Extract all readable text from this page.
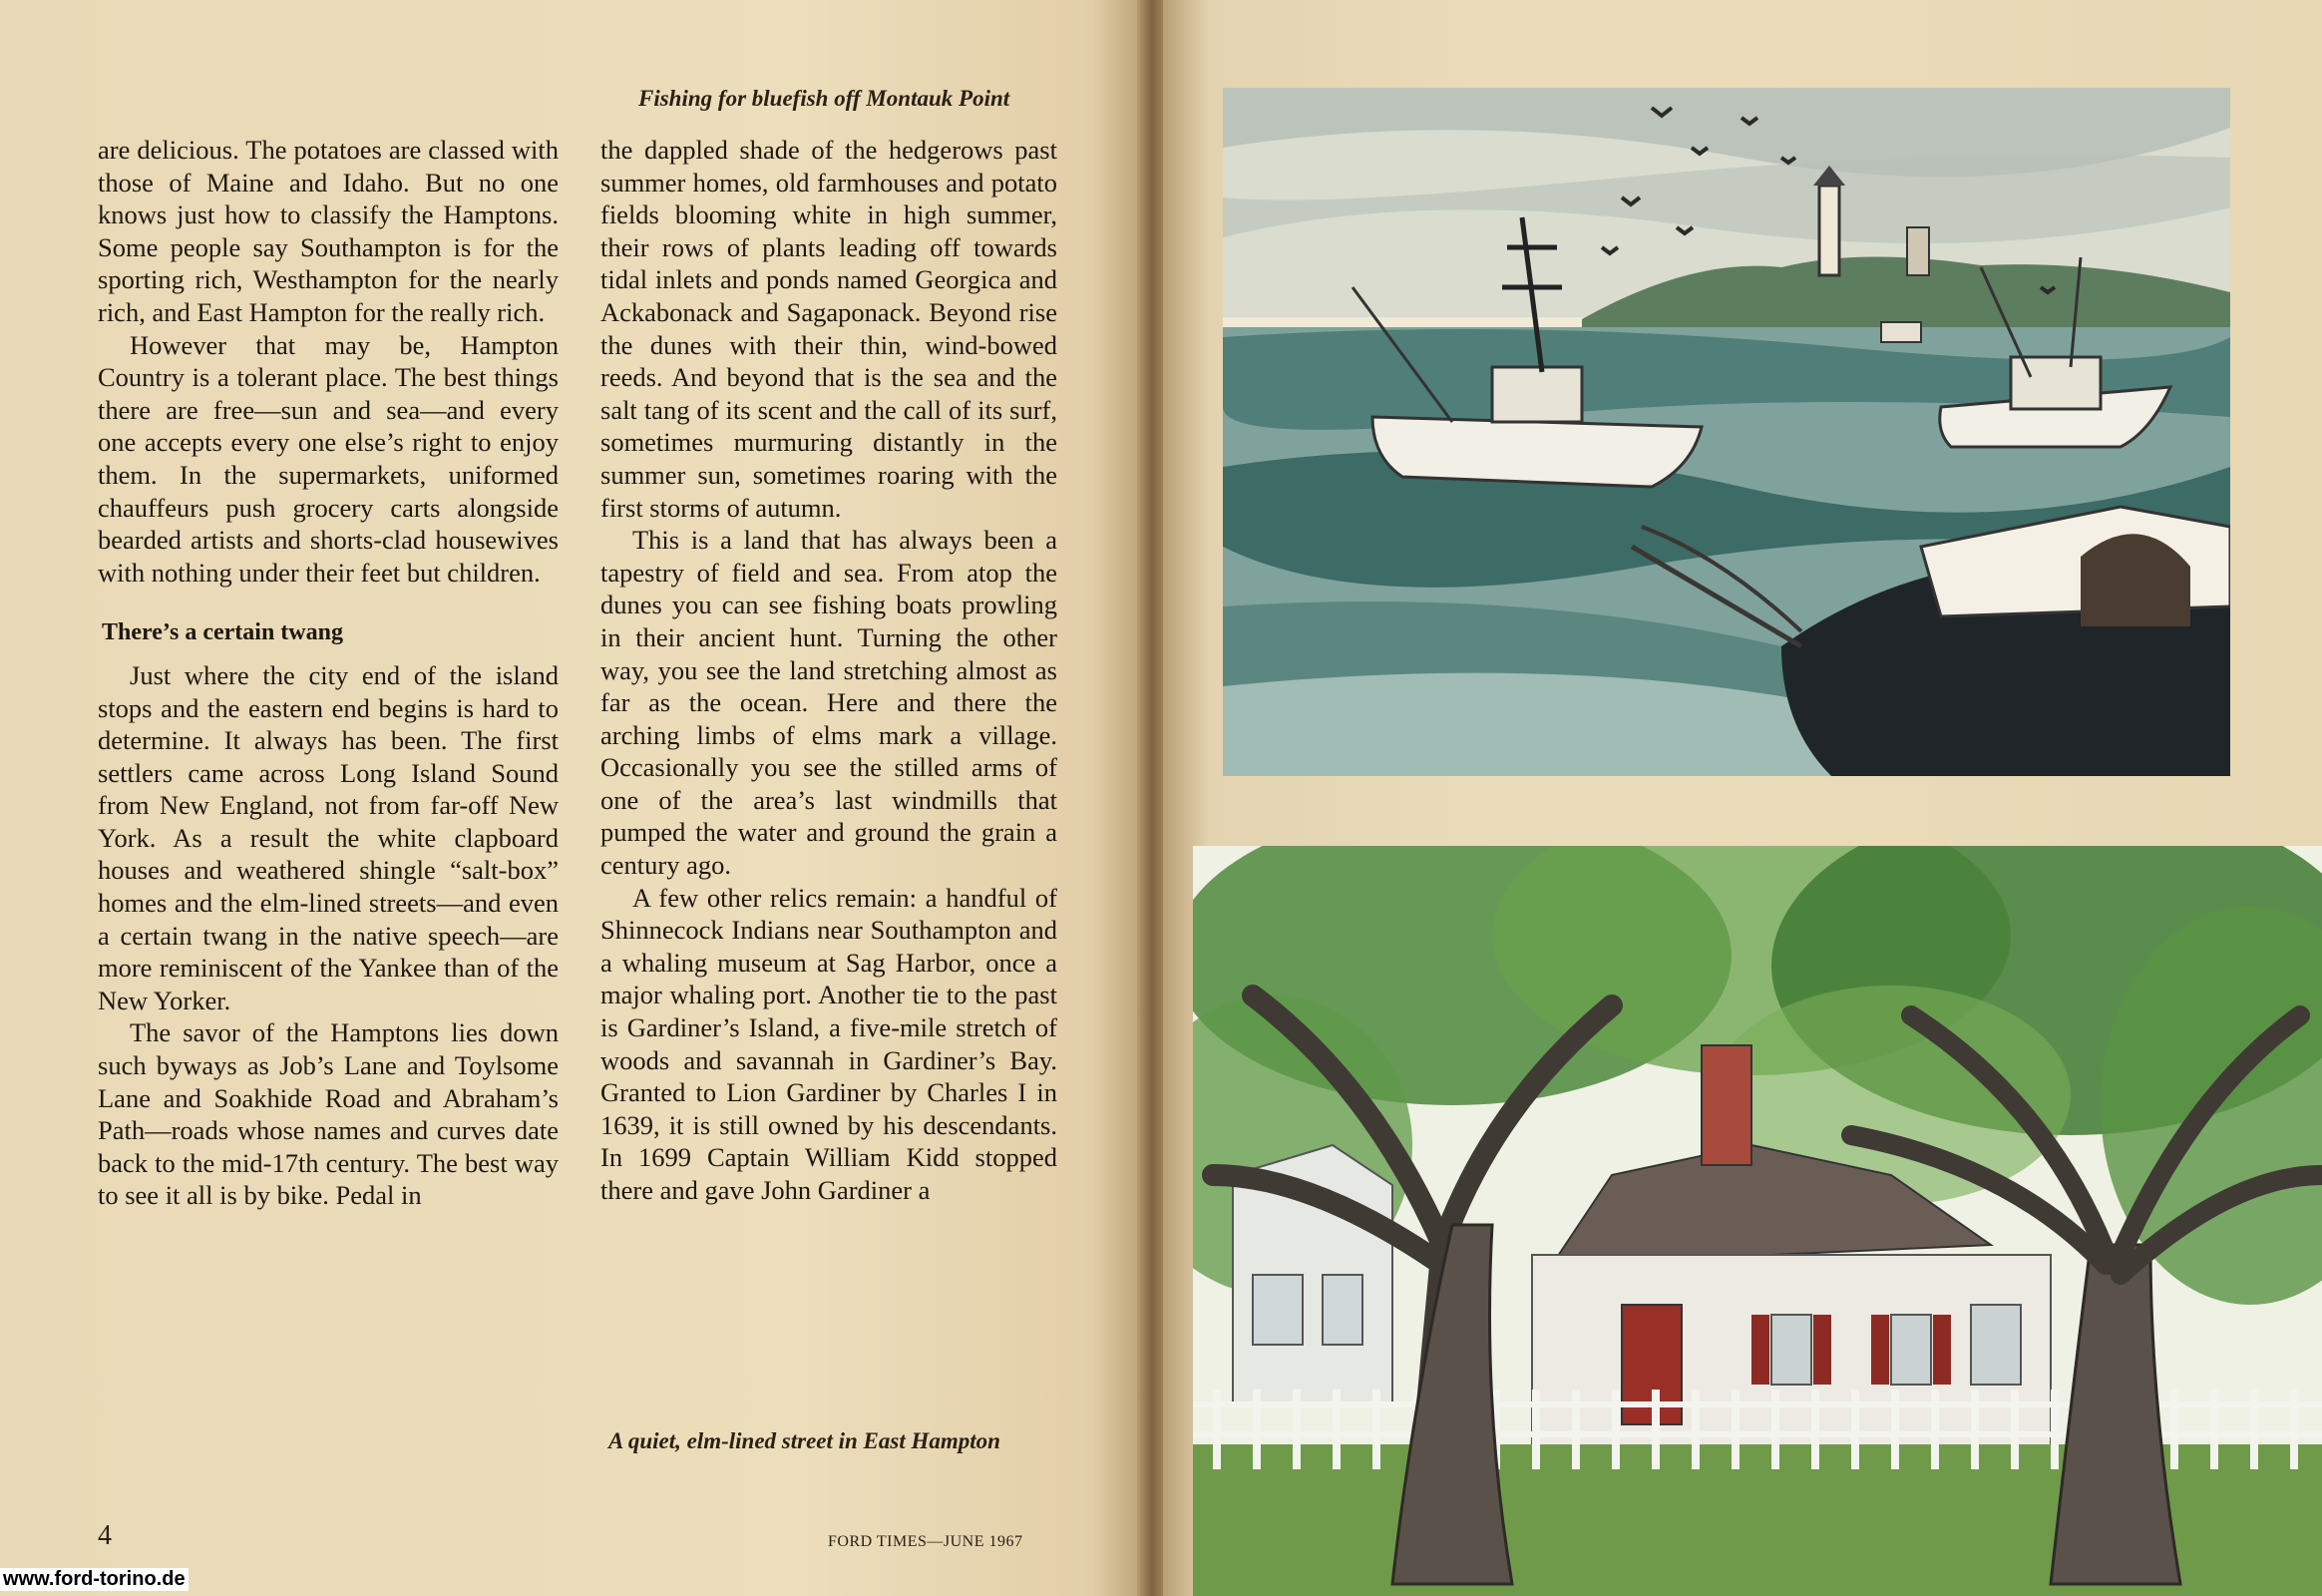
Fishing for bluefish off Montauk Point

are delicious. The potatoes are classed with those of Maine and Idaho. But no one knows just how to classify the Hamptons. Some people say Southampton is for the sporting rich, Westhampton for the nearly rich, and East Hampton for the really rich.

However that may be, Hampton Country is a tolerant place. The best things there are free—sun and sea—and every one accepts every one else’s right to enjoy them. In the supermarkets, uniformed chauffeurs push grocery carts alongside bearded artists and shorts-clad housewives with nothing under their feet but children.

There’s a certain twang

Just where the city end of the island stops and the eastern end begins is hard to determine. It always has been. The first settlers came across Long Island Sound from New England, not from far-off New York. As a result the white clapboard houses and weathered shingle “salt-box” homes and the elm-lined streets—and even a certain twang in the native speech—are more reminiscent of the Yankee than of the New Yorker.

The savor of the Hamptons lies down such byways as Job’s Lane and Toylsome Lane and Soakhide Road and Abraham’s Path—roads whose names and curves date back to the mid-17th century. The best way to see it all is by bike. Pedal in

the dappled shade of the hedgerows past summer homes, old farmhouses and potato fields blooming white in high summer, their rows of plants leading off towards tidal inlets and ponds named Georgica and Ackabonack and Sagaponack. Beyond rise the dunes with their thin, wind-bowed reeds. And beyond that is the sea and the salt tang of its scent and the call of its surf, sometimes murmuring distantly in the summer sun, sometimes roaring with the first storms of autumn.

This is a land that has always been a tapestry of field and sea. From atop the dunes you can see fishing boats prowling in their ancient hunt. Turning the other way, you see the land stretching almost as far as the ocean. Here and there the arching limbs of elms mark a village. Occasionally you see the stilled arms of one of the area’s last windmills that pumped the water and ground the grain a century ago.

A few other relics remain: a handful of Shinnecock Indians near Southampton and a whaling museum at Sag Harbor, once a major whaling port. Another tie to the past is Gardiner’s Island, a five-mile stretch of woods and savannah in Gardiner’s Bay. Granted to Lion Gardiner by Charles I in 1639, it is still owned by his descendants. In 1699 Captain William Kidd stopped there and gave John Gardiner a

A quiet, elm-lined street in East Hampton
4	FORD TIMES—JUNE 1967
www.ford-torino.de
